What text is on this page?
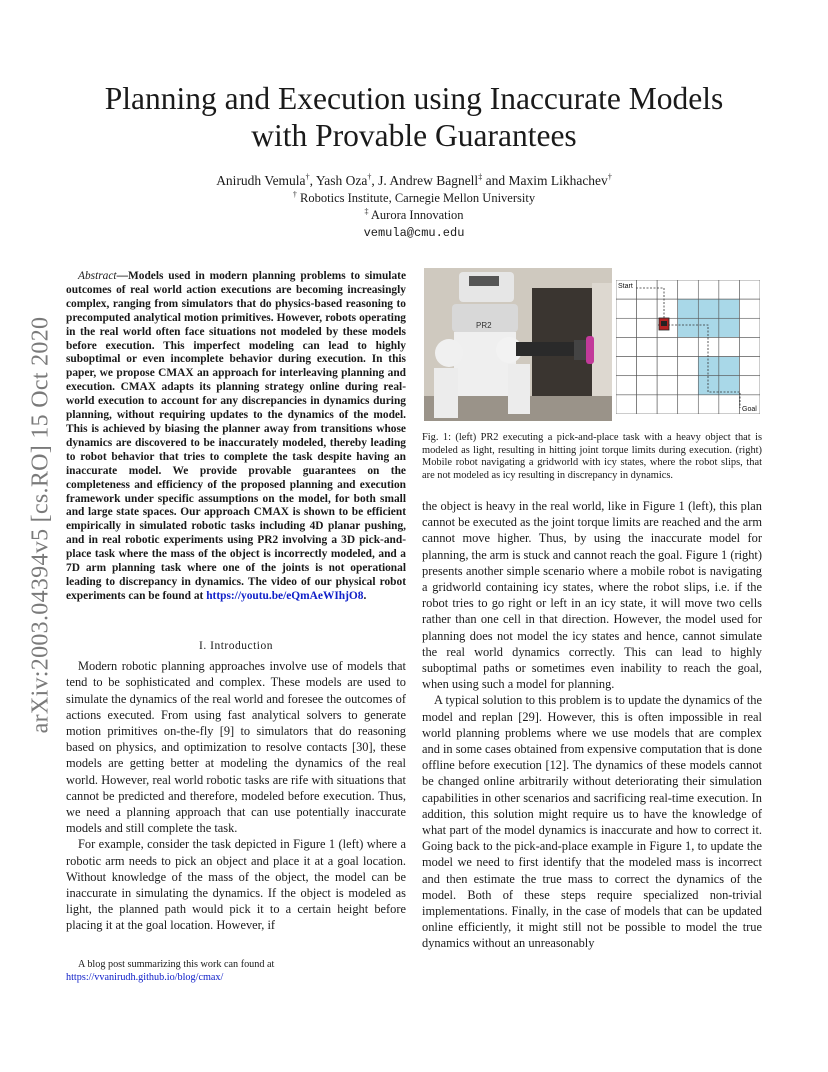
Planning and Execution using Inaccurate Models
with Provable Guarantees
Anirudh Vemula†, Yash Oza†, J. Andrew Bagnell‡ and Maxim Likhachev†
† Robotics Institute, Carnegie Mellon University
‡ Aurora Innovation
vemula@cmu.edu
arXiv:2003.04394v5 [cs.RO] 15 Oct 2020

Abstract—Models used in modern planning problems to simulate outcomes of real world action executions are becoming increasingly complex, ranging from simulators that do physics-based reasoning to precomputed analytical motion primitives. However, robots operating in the real world often face situations not modeled by these models before execution. This imperfect modeling can lead to highly suboptimal or even incomplete behavior during execution. In this paper, we propose CMAX an approach for interleaving planning and execution. CMAX adapts its planning strategy online during real-world execution to account for any discrepancies in dynamics during planning, without requiring updates to the dynamics of the model. This is achieved by biasing the planner away from transitions whose dynamics are discovered to be inaccurately modeled, thereby leading to robot behavior that tries to complete the task despite having an inaccurate model. We provide provable guarantees on the completeness and efficiency of the proposed planning and execution framework under specific assumptions on the model, for both small and large state spaces. Our approach CMAX is shown to be efficient empirically in simulated robotic tasks including 4D planar pushing, and in real robotic experiments using PR2 involving a 3D pick-and-place task where the mass of the object is incorrectly modeled, and a 7D arm planning task where one of the joints is not operational leading to discrepancy in dynamics. The video of our physical robot experiments can be found at https://youtu.be/eQmAeWIhjO8.

I. Introduction

Modern robotic planning approaches involve use of models that tend to be sophisticated and complex. These models are used to simulate the dynamics of the real world and foresee the outcomes of actions executed. From using fast analytical solvers to generate motion primitives on-the-fly [9] to simulators that do reasoning based on physics, and optimization to resolve contacts [30], these models are getting better at modeling the dynamics of the real world. However, real world robotic tasks are rife with situations that cannot be predicted and therefore, modeled before execution. Thus, we need a planning approach that can use potentially inaccurate models and still complete the task.

For example, consider the task depicted in Figure 1 (left) where a robotic arm needs to pick an object and place it at a goal location. Without knowledge of the mass of the object, the model can be inaccurate in simulating the dynamics. If the object is modeled as light, the planned path would pick it to a certain height before placing it at the goal location. However, if

A blog post summarizing this work can found at https://vvanirudh.github.io/blog/cmax/
PR2
Start
Goal
Fig. 1: (left) PR2 executing a pick-and-place task with a heavy object that is modeled as light, resulting in hitting joint torque limits during execution. (right) Mobile robot navigating a gridworld with icy states, where the robot slips, that are not modeled as icy resulting in discrepancy in dynamics.

the object is heavy in the real world, like in Figure 1 (left), this plan cannot be executed as the joint torque limits are reached and the arm cannot move higher. Thus, by using the inaccurate model for planning, the arm is stuck and cannot reach the goal. Figure 1 (right) presents another simple scenario where a mobile robot is navigating a gridworld containing icy states, where the robot slips, i.e. if the robot tries to go right or left in an icy state, it will move two cells rather than one cell in that direction. However, the model used for planning does not model the icy states and hence, cannot simulate the real world dynamics correctly. This can lead to highly suboptimal paths or sometimes even inability to reach the goal, when using such a model for planning.

A typical solution to this problem is to update the dynamics of the model and replan [29]. However, this is often impossible in real world planning problems where we use models that are complex and in some cases obtained from expensive computation that is done offline before execution [12]. The dynamics of these models cannot be changed online arbitrarily without deteriorating their simulation capabilities in other scenarios and sacrificing real-time execution. In addition, this solution might require us to have the knowledge of what part of the model dynamics is inaccurate and how to correct it. Going back to the pick-and-place example in Figure 1, to update the model we need to first identify that the modeled mass is incorrect and then estimate the true mass to correct the dynamics of the model. Both of these steps require specialized non-trivial implementations. Finally, in the case of models that can be updated online efficiently, it might still not be possible to model the true dynamics without an unreasonably
